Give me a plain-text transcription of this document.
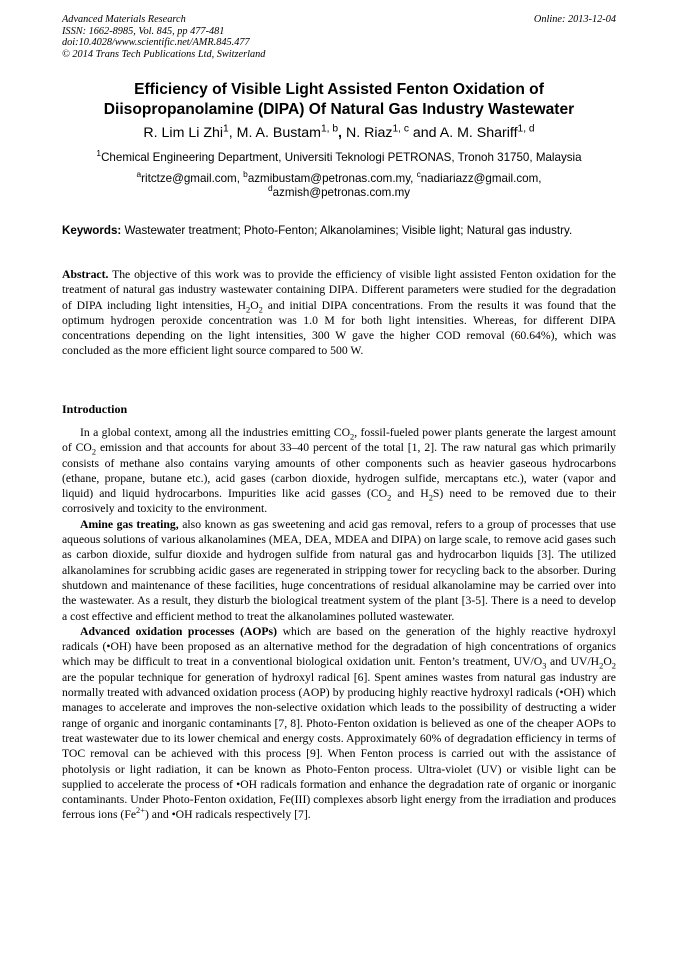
Advanced Materials Research
ISSN: 1662-8985, Vol. 845, pp 477-481
doi:10.4028/www.scientific.net/AMR.845.477
© 2014 Trans Tech Publications Ltd, Switzerland
Online: 2013-12-04
Efficiency of Visible Light Assisted Fenton Oxidation of
Diisopropanolamine (DIPA) Of Natural Gas Industry Wastewater
R. Lim Li Zhi$^1$, M. A. Bustam$^{1, b}$, N. Riaz$^{1, c}$ and A. M. Shariff$^{1, d}$
$^1$Chemical Engineering Department, Universiti Teknologi PETRONAS, Tronoh 31750, Malaysia
$^a$ritctze@gmail.com, $^b$azmibustam@petronas.com.my, $^c$nadiariazz@gmail.com,
$^d$azmish@petronas.com.my
Keywords: Wastewater treatment; Photo-Fenton; Alkanolamines; Visible light; Natural gas industry.
Abstract. The objective of this work was to provide the efficiency of visible light assisted Fenton oxidation for the treatment of natural gas industry wastewater containing DIPA. Different parameters were studied for the degradation of DIPA including light intensities, $H_2O_2$ and initial DIPA concentrations. From the results it was found that the optimum hydrogen peroxide concentration was 1.0 M for both light intensities. Whereas, for different DIPA concentrations depending on the light intensities, 300 W gave the higher COD removal (60.64%), which was concluded as the more efficient light source compared to 500 W.
Introduction

In a global context, among all the industries emitting $CO_2$, fossil-fueled power plants generate the largest amount of $CO_2$ emission and that accounts for about 33–40 percent of the total [1, 2]. The raw natural gas which primarily consists of methane also contains varying amounts of other components such as heavier gaseous hydrocarbons (ethane, propane, butane etc.), acid gases (carbon dioxide, hydrogen sulfide, mercaptans etc.), water (vapor and liquid) and liquid hydrocarbons. Impurities like acid gasses ($CO_2$ and $H_2S$) need to be removed due to their corrosively and toxicity to the environment.

Amine gas treating, also known as gas sweetening and acid gas removal, refers to a group of processes that use aqueous solutions of various alkanolamines (MEA, DEA, MDEA and DIPA) on large scale, to remove acid gases such as carbon dioxide, sulfur dioxide and hydrogen sulfide from natural gas and hydrocarbon liquids [3]. The utilized alkanolamines for scrubbing acidic gases are regenerated in stripping tower for recycling back to the absorber. During shutdown and maintenance of these facilities, huge concentrations of residual alkanolamine may be carried over into the wastewater. As a result, they disturb the biological treatment system of the plant [3-5]. There is a need to develop a cost effective and efficient method to treat the alkanolamines polluted wastewater.

Advanced oxidation processes (AOPs) which are based on the generation of the highly reactive hydroxyl radicals (•OH) have been proposed as an alternative method for the degradation of high concentrations of organics which may be difficult to treat in a conventional biological oxidation unit. Fenton’s treatment, $UV/O_3$ and $UV/H_2O_2$ are the popular technique for generation of hydroxyl radical [6]. Spent amines wastes from natural gas industry are normally treated with advanced oxidation process (AOP) by producing highly reactive hydroxyl radicals (•OH) which manages to accelerate and improves the non-selective oxidation which leads to the possibility of destructing a wider range of organic and inorganic contaminants [7, 8]. Photo-Fenton oxidation is believed as one of the cheaper AOPs to treat wastewater due to its lower chemical and energy costs. Approximately 60% of degradation efficiency in terms of TOC removal can be achieved with this process [9]. When Fenton process is carried out with the assistance of photolysis or light radiation, it can be known as Photo-Fenton process. Ultra-violet (UV) or visible light can be supplied to accelerate the process of •OH radicals formation and enhance the degradation rate of organic or inorganic contaminants. Under Photo-Fenton oxidation, Fe(III) complexes absorb light energy from the irradiation and produces ferrous ions $(Fe^{2+})$ and •OH radicals respectively [7].
